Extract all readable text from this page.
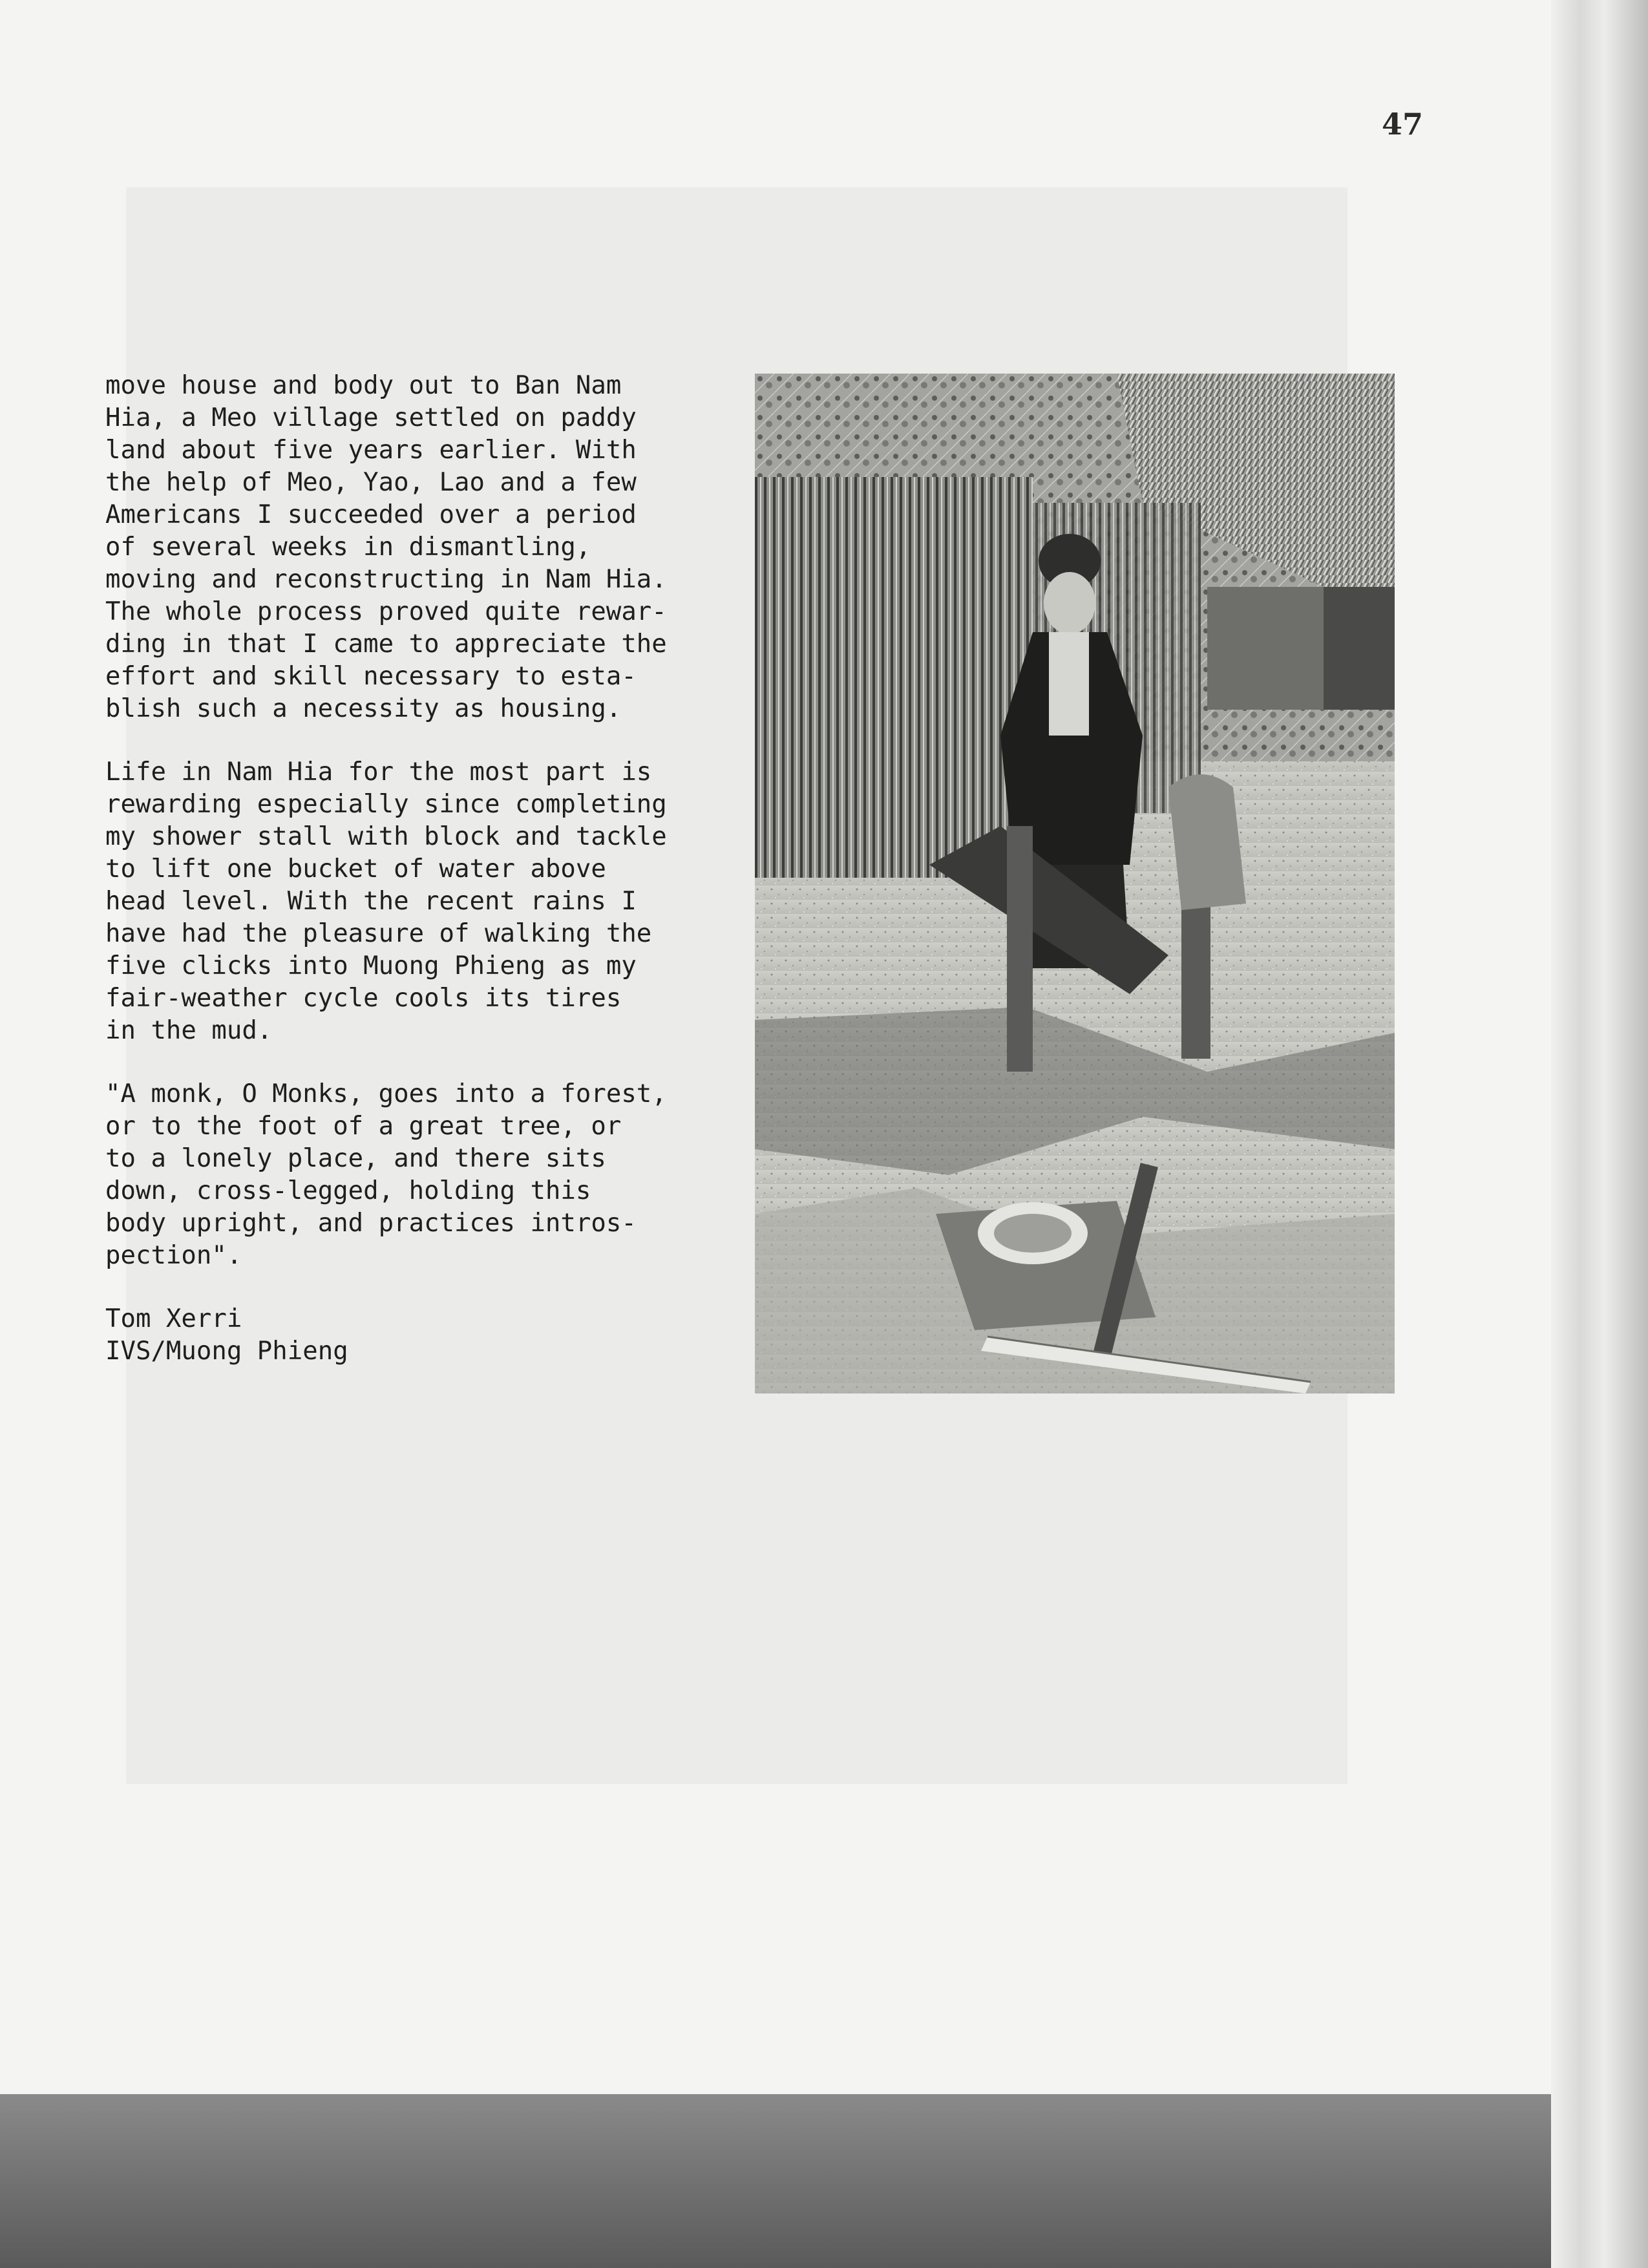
47
move house and body out to Ban Nam
Hia, a Meo village settled on paddy
land about five years earlier. With
the help of Meo, Yao, Lao and a few
Americans I succeeded over a period
of several weeks in dismantling,
moving and reconstructing in Nam Hia.
The whole process proved quite rewar-
ding in that I came to appreciate the
effort and skill necessary to esta-
blish such a necessity as housing.
Life in Nam Hia for the most part is
rewarding especially since completing
my shower stall with block and tackle
to lift one bucket of water above
head level. With the recent rains I
have had the pleasure of walking the
five clicks into Muong Phieng as my
fair-weather cycle cools its tires
in the mud.
"A monk, O Monks, goes into a forest,
or to the foot of a great tree, or
to a lonely place, and there sits
down, cross-legged, holding this
body upright, and practices intros-
pection".
Tom Xerri
IVS/Muong Phieng
